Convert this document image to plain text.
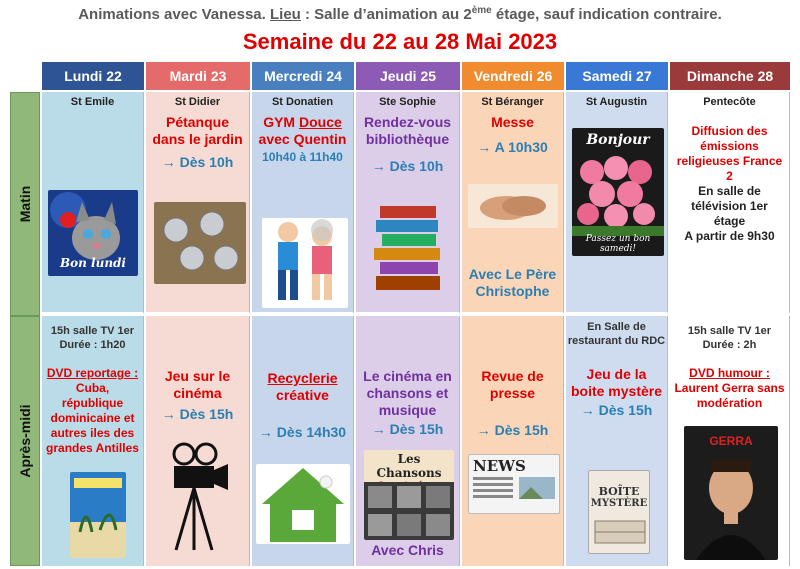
Animations avec Vanessa. Lieu : Salle d’animation au 2ème étage, sauf indication contraire.
Semaine du 22 au 28 Mai 2023
Matin
Après-midi
Lundi 22
St Emile
Bon lundi
15h salle TV 1er
Durée : 1h20
DVD reportage :
Cuba, république dominicaine et autres iles des grandes Antilles
Mardi 23
St Didier
Pétanque dans le jardin
→ Dès 10h
Jeu sur le cinéma
→ Dès 15h
Mercredi 24
St Donatien
GYM Douce avec Quentin
10h40 à 11h40
Recyclerie
créative
→ Dès 14h30
Jeudi 25
Ste Sophie
Rendez-vous bibliothèque
→ Dès 10h
Le cinéma en chansons et musique
→ Dès 15h
Les Chansons
Avec Chris
Vendredi 26
St Béranger
Messe
→ A 10h30
Avec Le Père Christophe
Revue de presse
→ Dès 15h
NEWS
Samedi 27
St Augustin
Bonjour
Passez un bon samedi!
En Salle de restaurant du RDC
Jeu de la boite mystère
→ Dès 15h
BOÎTE
MYSTÈRE
Dimanche 28
Pentecôte
Diffusion des émissions religieuses France 2
En salle de télévision 1er étage
A partir de 9h30
15h salle TV 1er
Durée : 2h
DVD humour :
Laurent Gerra sans modération
GERRA
